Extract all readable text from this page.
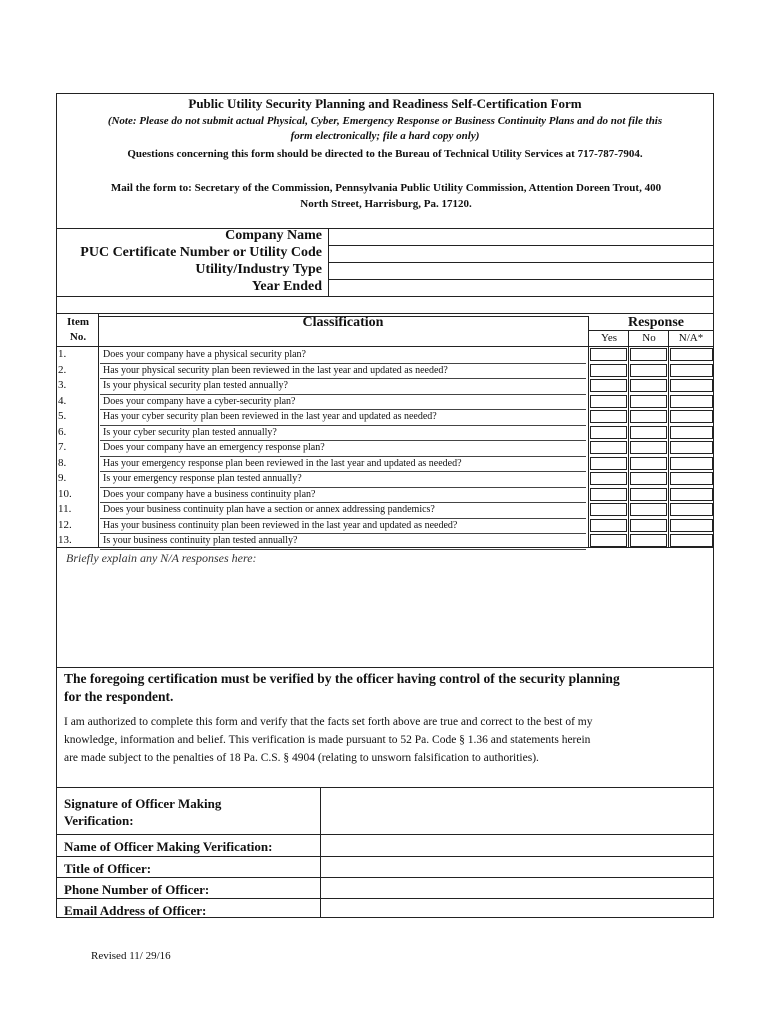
Public Utility Security Planning and Readiness Self-Certification Form
(Note: Please do not submit actual Physical, Cyber, Emergency Response or Business Continuity Plans and do not file this
form electronically; file a hard copy only)
Questions concerning this form should be directed to the Bureau of Technical Utility Services at 717-787-7904.
Mail the form to: Secretary of the Commission, Pennsylvania Public Utility Commission, Attention Doreen Trout, 400
North Street, Harrisburg, Pa. 17120.
Company Name
PUC Certificate Number or Utility Code
Utility/Industry Type
Year Ended
Item
No.
Classification	Response
Yes	No	N/A*
1.	Does your company have a physical security plan?
2.	Has your physical security plan been reviewed in the last year and updated as needed?
3.	Is your physical security plan tested annually?
4.	Does your company have a cyber-security plan?
5.	Has your cyber security plan been reviewed in the last year and updated as needed?
6.	Is your cyber security plan tested annually?
7.	Does your company have an emergency response plan?
8.	Has your emergency response plan been reviewed in the last year and updated as needed?
9.	Is your emergency response plan tested annually?
10.	Does your company have a business continuity plan?
11.	Does your business continuity plan have a section or annex addressing pandemics?
12.	Has your business continuity plan been reviewed in the last year and updated as needed?
13.	Is your business continuity plan tested annually?
Briefly explain any N/A responses here:
The foregoing certification must be verified by the officer having control of the security planning
for the respondent.
I am authorized to complete this form and verify that the facts set forth above are true and correct to the best of my
knowledge, information and belief. This verification is made pursuant to 52 Pa. Code § 1.36 and statements herein
are made subject to the penalties of 18 Pa. C.S. § 4904 (relating to unsworn falsification to authorities).
Signature of Officer Making
Verification:
Name of Officer Making Verification:
Title of Officer:
Phone Number of Officer:
Email Address of Officer:
Revised 11/ 29/16
